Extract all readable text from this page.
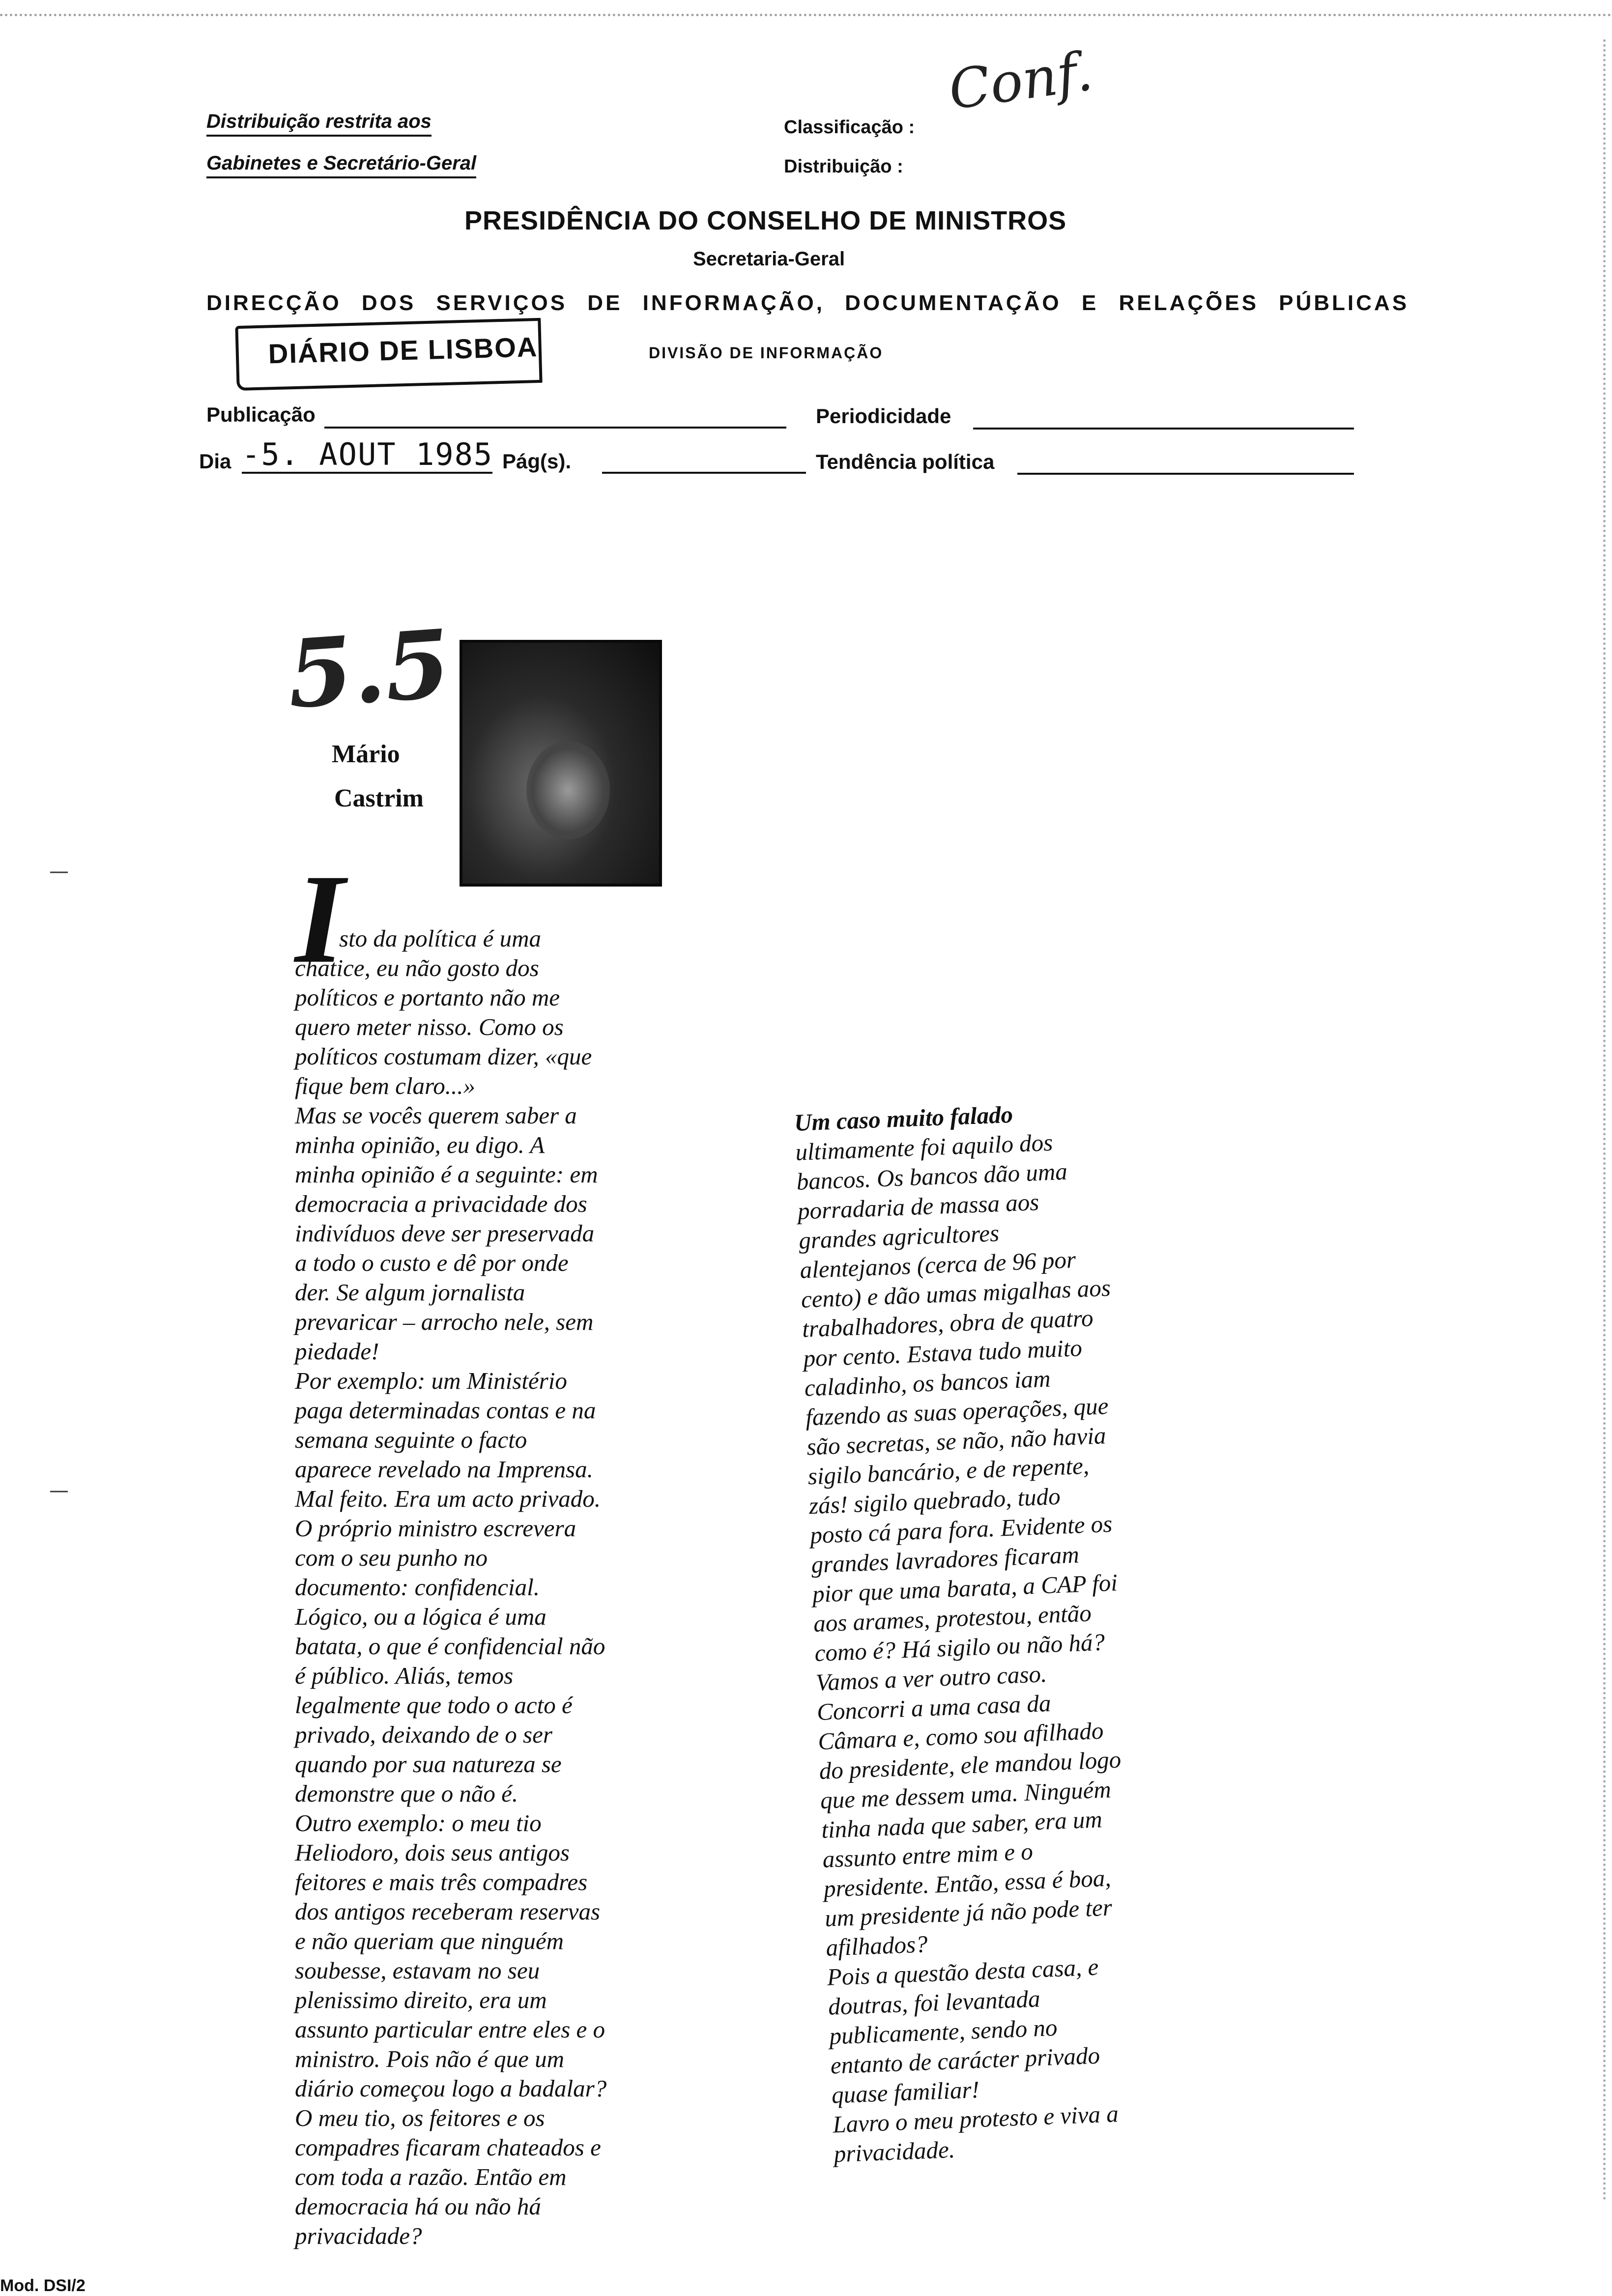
Distribuição restrita aos
Gabinetes e Secretário-Geral
Classificação :
Distribuição :
Conf.
PRESIDÊNCIA DO CONSELHO DE MINISTROS
Secretaria-Geral
DIRECÇÃO DOS SERVIÇOS DE INFORMAÇÃO, DOCUMENTAÇÃO E RELAÇÕES PÚBLICAS
DIÁRIO DE LISBOA	DIVISÃO DE INFORMAÇÃO
Publicação	Periodicidade
Dia -5. AOUT 1985 Pág(s).	Tendência política
5.5
Mário
Castrim
I
sto da política é uma
chatice, eu não gosto dos
políticos e portanto não me
quero meter nisso. Como os
políticos costumam dizer, «que
fique bem claro...»
Mas se vocês querem saber a
minha opinião, eu digo. A
minha opinião é a seguinte: em
democracia a privacidade dos
indivíduos deve ser preservada
a todo o custo e dê por onde
der. Se algum jornalista
prevaricar – arrocho nele, sem
piedade!
Por exemplo: um Ministério
paga determinadas contas e na
semana seguinte o facto
aparece revelado na Imprensa.
Mal feito. Era um acto privado.
O próprio ministro escrevera
com o seu punho no
documento: confidencial.
Lógico, ou a lógica é uma
batata, o que é confidencial não
é público. Aliás, temos
legalmente que todo o acto é
privado, deixando de o ser
quando por sua natureza se
demonstre que o não é.
Outro exemplo: o meu tio
Heliodoro, dois seus antigos
feitores e mais três compadres
dos antigos receberam reservas
e não queriam que ninguém
soubesse, estavam no seu
plenissimo direito, era um
assunto particular entre eles e o
ministro. Pois não é que um
diário começou logo a badalar?
O meu tio, os feitores e os
compadres ficaram chateados e
com toda a razão. Então em
democracia há ou não há
privacidade?
Um caso muito falado
ultimamente foi aquilo dos
bancos. Os bancos dão uma
porradaria de massa aos
grandes agricultores
alentejanos (cerca de 96 por
cento) e dão umas migalhas aos
trabalhadores, obra de quatro
por cento. Estava tudo muito
caladinho, os bancos iam
fazendo as suas operações, que
são secretas, se não, não havia
sigilo bancário, e de repente,
zás! sigilo quebrado, tudo
posto cá para fora. Evidente os
grandes lavradores ficaram
pior que uma barata, a CAP foi
aos arames, protestou, então
como é? Há sigilo ou não há?
Vamos a ver outro caso.
Concorri a uma casa da
Câmara e, como sou afilhado
do presidente, ele mandou logo
que me dessem uma. Ninguém
tinha nada que saber, era um
assunto entre mim e o
presidente. Então, essa é boa,
um presidente já não pode ter
afilhados?
Pois a questão desta casa, e
doutras, foi levantada
publicamente, sendo no
entanto de carácter privado
quase familiar!
Lavro o meu protesto e viva a
privacidade.
—
—
Mod. DSI/2
